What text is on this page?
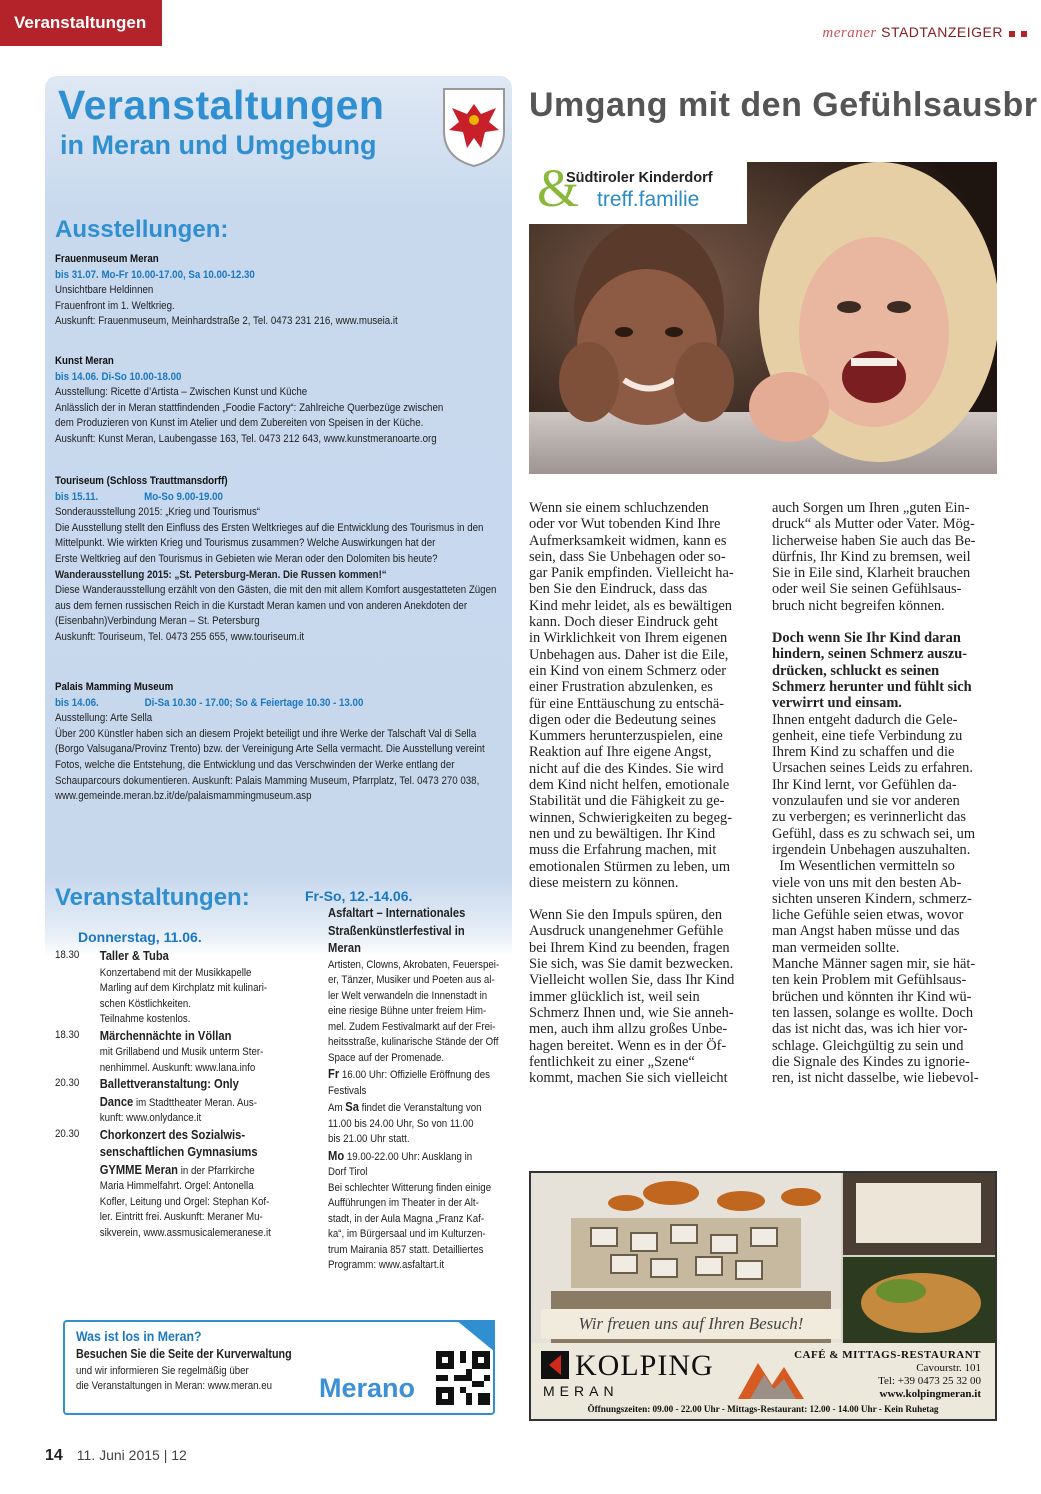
Veranstaltungen
meraner STADTANZEIGER
Veranstaltungen
in Meran und Umgebung
Ausstellungen:
Frauenmuseum Meran
bis 31.07. Mo-Fr 10.00-17.00, Sa 10.00-12.30
Unsichtbare Heldinnen
Frauenfront im 1. Weltkrieg.
Auskunft: Frauenmuseum, Meinhardstraße 2, Tel. 0473 231 216, www.museia.it
Kunst Meran
bis 14.06. Di-So 10.00-18.00
Ausstellung: Ricette d’Artista – Zwischen Kunst und Küche
Anlässlich der in Meran stattfindenden „Foodie Factory“: Zahlreiche Querbezüge zwischen
dem Produzieren von Kunst im Atelier und dem Zubereiten von Speisen in der Küche.
Auskunft: Kunst Meran, Laubengasse 163, Tel. 0473 212 643, www.kunstmeranoarte.org
Touriseum (Schloss Trauttmansdorff)
bis 15.11.                 Mo-So 9.00-19.00
Sonderausstellung 2015: „Krieg und Tourismus“
Die Ausstellung stellt den Einfluss des Ersten Weltkrieges auf die Entwicklung des Tourismus in den
Mittelpunkt. Wie wirkten Krieg und Tourismus zusammen? Welche Auswirkungen hat der
Erste Weltkrieg auf den Tourismus in Gebieten wie Meran oder den Dolomiten bis heute?
Wanderausstellung 2015: „St. Petersburg-Meran. Die Russen kommen!“
Diese Wanderausstellung erzählt von den Gästen, die mit den mit allem Komfort ausgestatteten Zügen
aus dem fernen russischen Reich in die Kurstadt Meran kamen und von anderen Anekdoten der
(Eisenbahn)Verbindung Meran – St. Petersburg
Auskunft: Touriseum, Tel. 0473 255 655, www.touriseum.it
Palais Mamming Museum
bis 14.06.                 Di-Sa 10.30 - 17.00; So & Feiertage 10.30 - 13.00
Ausstellung: Arte Sella
Über 200 Künstler haben sich an diesem Projekt beteiligt und ihre Werke der Talschaft Val di Sella
(Borgo Valsugana/Provinz Trento) bzw. der Vereinigung Arte Sella vermacht. Die Ausstellung vereint
Fotos, welche die Entstehung, die Entwicklung und das Verschwinden der Werke entlang der
Schauparcours dokumentieren. Auskunft: Palais Mamming Museum, Pfarrplatz, Tel. 0473 270 038,
www.gemeinde.meran.bz.it/de/palaismammingmuseum.asp
Veranstaltungen:
Donnerstag, 11.06.
18.30 Taller & Tuba
Konzertabend mit der Musikkapelle
Marling auf dem Kirchplatz mit kulinari-
schen Köstlichkeiten.
Teilnahme kostenlos.
18.30 Märchennächte in Völlan
mit Grillabend und Musik unterm Ster-
nenhimmel. Auskunft: www.lana.info
20.30 Ballettveranstaltung: Only
Dance im Stadttheater Meran. Aus-
kunft: www.onlydance.it
20.30 Chorkonzert des Sozialwis-
senschaftlichen Gymnasiums
GYMME Meran in der Pfarrkirche
Maria Himmelfahrt. Orgel: Antonella
Kofler, Leitung und Orgel: Stephan Kof-
ler. Eintritt frei. Auskunft: Meraner Mu-
sikverein, www.assmusicalemeranese.it
Fr-So, 12.-14.06.
Asfaltart – Internationales
Straßenkünstlerfestival in
Meran
Artisten, Clowns, Akrobaten, Feuerspei-
er, Tänzer, Musiker und Poeten aus al-
ler Welt verwandeln die Innenstadt in
eine riesige Bühne unter freiem Him-
mel. Zudem Festivalmarkt auf der Frei-
heitsstraße, kulinarische Stände der Off
Space auf der Promenade.
Fr 16.00 Uhr: Offizielle Eröffnung des
Festivals
Am Sa findet die Veranstaltung von
11.00 bis 24.00 Uhr, So von 11.00
bis 21.00 Uhr statt.
Mo 19.00-22.00 Uhr: Ausklang in
Dorf Tirol
Bei schlechter Witterung finden einige
Aufführungen im Theater in der Alt-
stadt, in der Aula Magna „Franz Kaf-
ka“, im Bürgersaal und im Kulturzen-
trum Mairania 857 statt. Detailliertes
Programm: www.asfaltart.it
Was ist los in Meran?
Besuchen Sie die Seite der Kurverwaltung
und wir informieren Sie regelmäßig über
die Veranstaltungen in Meran: www.meran.eu	Merano
Umgang mit den Gefühlsausbr
&
Südtiroler Kinderdorf
treff.familie

Wenn sie einem schluchzenden

oder vor Wut tobenden Kind Ihre

Aufmerksamkeit widmen, kann es

sein, dass Sie Unbehagen oder so-

gar Panik empfinden. Vielleicht ha-

ben Sie den Eindruck, dass das

Kind mehr leidet, als es bewältigen

kann. Doch dieser Eindruck geht

in Wirklichkeit von Ihrem eigenen

Unbehagen aus. Daher ist die Eile,

ein Kind von einem Schmerz oder

einer Frustration abzulenken, es

für eine Enttäuschung zu entschä-

digen oder die Bedeutung seines

Kummers herunterzuspielen, eine

Reaktion auf Ihre eigene Angst,

nicht auf die des Kindes. Sie wird

dem Kind nicht helfen, emotionale

Stabilität und die Fähigkeit zu ge-

winnen, Schwierigkeiten zu begeg-

nen und zu bewältigen. Ihr Kind

muss die Erfahrung machen, mit

emotionalen Stürmen zu leben, um

diese meistern zu können.

Wenn Sie den Impuls spüren, den

Ausdruck unangenehmer Gefühle

bei Ihrem Kind zu beenden, fragen

Sie sich, was Sie damit bezwecken.

Vielleicht wollen Sie, dass Ihr Kind

immer glücklich ist, weil sein

Schmerz Ihnen und, wie Sie anneh-

men, auch ihm allzu großes Unbe-

hagen bereitet. Wenn es in der Öf-

fentlichkeit zu einer „Szene“

kommt, machen Sie sich vielleicht

auch Sorgen um Ihren „guten Ein-

druck“ als Mutter oder Vater. Mög-

licherweise haben Sie auch das Be-

dürfnis, Ihr Kind zu bremsen, weil

Sie in Eile sind, Klarheit brauchen

oder weil Sie seinen Gefühlsaus-

bruch nicht begreifen können.

Doch wenn Sie Ihr Kind daran

hindern, seinen Schmerz auszu-

drücken, schluckt es seinen

Schmerz herunter und fühlt sich

verwirrt und einsam.

Ihnen entgeht dadurch die Gele-

genheit, eine tiefe Verbindung zu

Ihrem Kind zu schaffen und die

Ursachen seines Leids zu erfahren.

Ihr Kind lernt, vor Gefühlen da-

vonzulaufen und sie vor anderen

zu verbergen; es verinnerlicht das

Gefühl, dass es zu schwach sei, um

irgendein Unbehagen auszuhalten.

Im Wesentlichen vermitteln so

viele von uns mit den besten Ab-

sichten unseren Kindern, schmerz-

liche Gefühle seien etwas, wovor

man Angst haben müsse und das

man vermeiden sollte.

Manche Männer sagen mir, sie hät-

ten kein Problem mit Gefühlsaus-

brüchen und könnten ihr Kind wü-

ten lassen, solange es wollte. Doch

das ist nicht das, was ich hier vor-

schlage. Gleichgültig zu sein und

die Signale des Kindes zu ignorie-

ren, ist nicht dasselbe, wie liebevol-

Wir freuen uns auf Ihren Besuch!
KOLPING
MERAN
CAFÉ & MITTAGS-RESTAURANT
Cavourstr. 101
Tel: +39 0473 25 32 00
www.kolpingmeran.it
Öffnungszeiten: 09.00 - 22.00 Uhr - Mittags-Restaurant: 12.00 - 14.00 Uhr - Kein Ruhetag
14 11. Juni 2015 | 12
